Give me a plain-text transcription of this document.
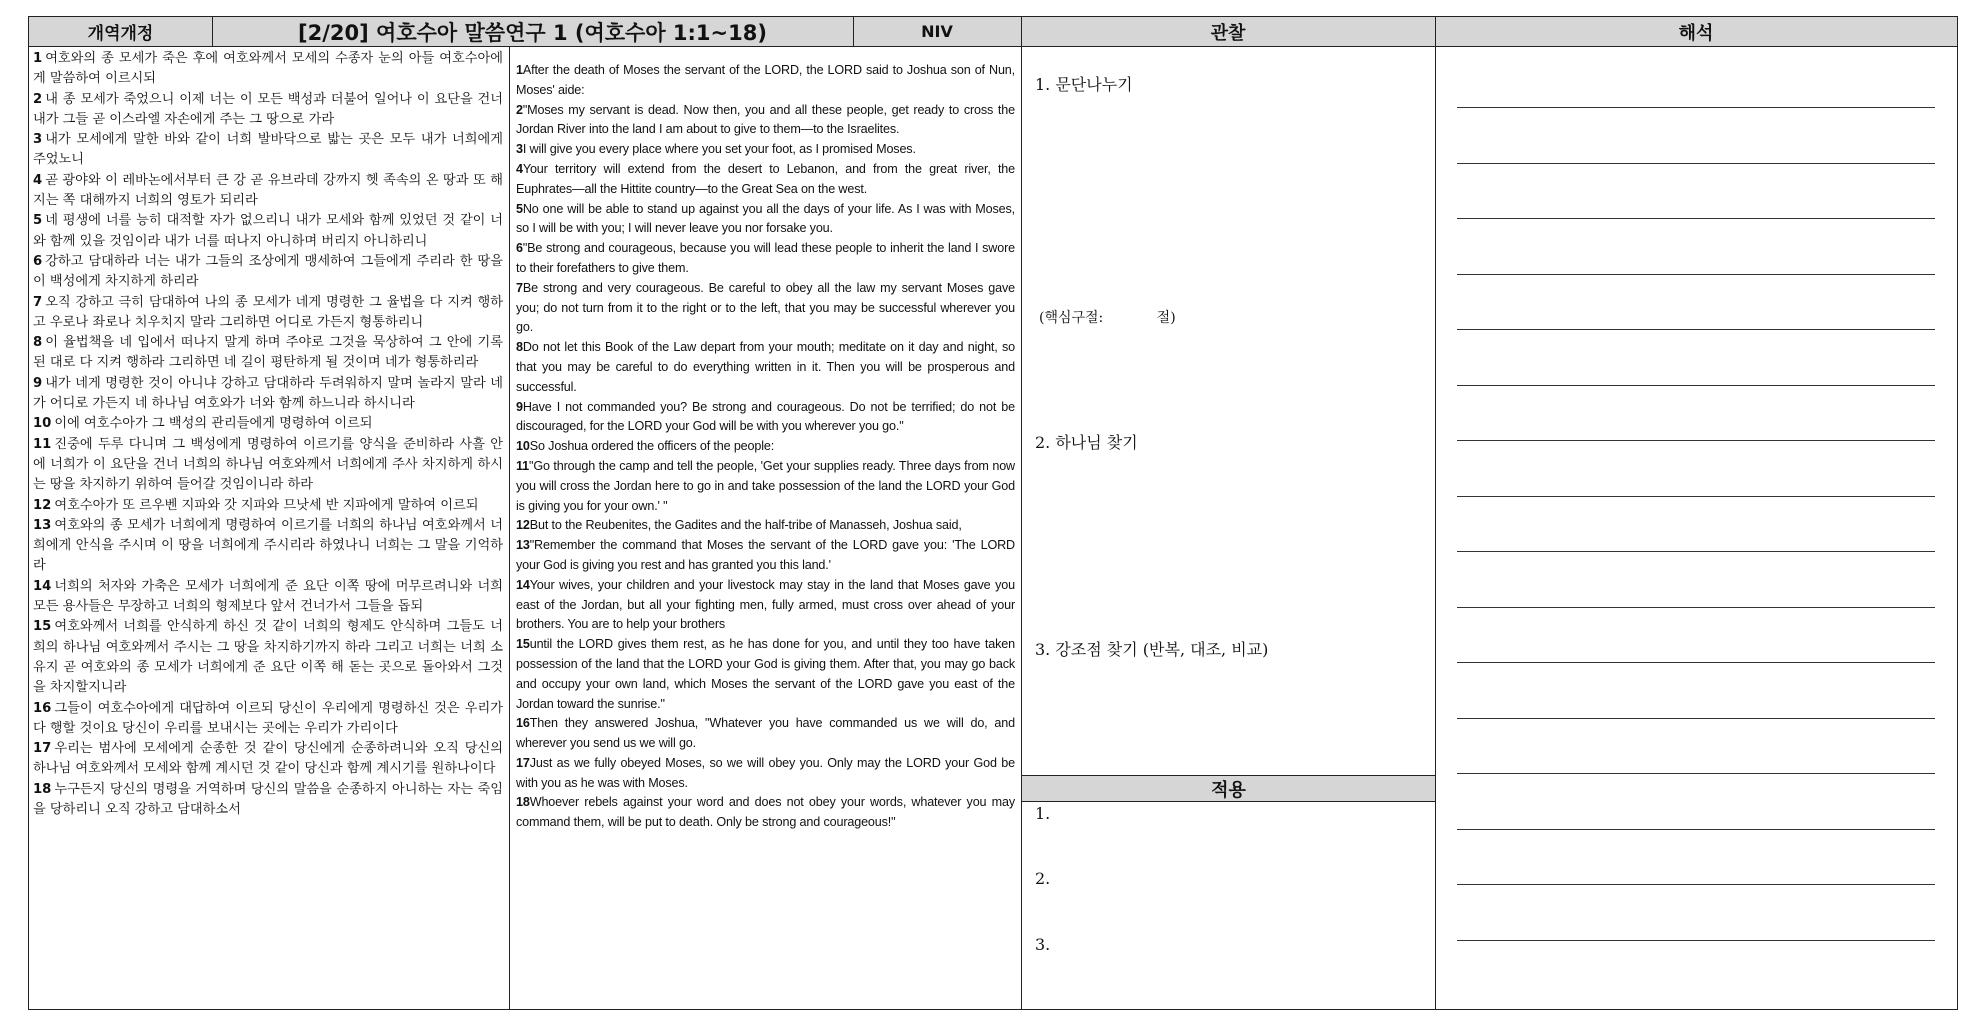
개역개정	[2/20] 여호수아 말씀연구 1 (여호수아 1:1~18)	NIV	관찰	해석
1 여호와의 종 모세가 죽은 후에 여호와께서 모세의 수종자 눈의 아들 여호수아에게 말씀하여 이르시되
2 내 종 모세가 죽었으니 이제 너는 이 모든 백성과 더불어 일어나 이 요단을 건너 내가 그들 곧 이스라엘 자손에게 주는 그 땅으로 가라
3 내가 모세에게 말한 바와 같이 너희 발바닥으로 밟는 곳은 모두 내가 너희에게 주었노니
4 곧 광야와 이 레바논에서부터 큰 강 곧 유브라데 강까지 헷 족속의 온 땅과 또 해 지는 쪽 대해까지 너희의 영토가 되리라
5 네 평생에 너를 능히 대적할 자가 없으리니 내가 모세와 함께 있었던 것 같이 너와 함께 있을 것임이라 내가 너를 떠나지 아니하며 버리지 아니하리니
6 강하고 담대하라 너는 내가 그들의 조상에게 맹세하여 그들에게 주리라 한 땅을 이 백성에게 차지하게 하리라
7 오직 강하고 극히 담대하여 나의 종 모세가 네게 명령한 그 율법을 다 지켜 행하고 우로나 좌로나 치우치지 말라 그리하면 어디로 가든지 형통하리니
8 이 율법책을 네 입에서 떠나지 말게 하며 주야로 그것을 묵상하여 그 안에 기록된 대로 다 지켜 행하라 그리하면 네 길이 평탄하게 될 것이며 네가 형통하리라
9 내가 네게 명령한 것이 아니냐 강하고 담대하라 두려워하지 말며 놀라지 말라 네가 어디로 가든지 네 하나님 여호와가 너와 함께 하느니라 하시니라
10 이에 여호수아가 그 백성의 관리들에게 명령하여 이르되
11 진중에 두루 다니며 그 백성에게 명령하여 이르기를 양식을 준비하라 사흘 안에 너희가 이 요단을 건너 너희의 하나님 여호와께서 너희에게 주사 차지하게 하시는 땅을 차지하기 위하여 들어갈 것임이니라 하라
12 여호수아가 또 르우벤 지파와 갓 지파와 므낫세 반 지파에게 말하여 이르되
13 여호와의 종 모세가 너희에게 명령하여 이르기를 너희의 하나님 여호와께서 너희에게 안식을 주시며 이 땅을 너희에게 주시리라 하였나니 너희는 그 말을 기억하라
14 너희의 처자와 가축은 모세가 너희에게 준 요단 이쪽 땅에 머무르려니와 너희 모든 용사들은 무장하고 너희의 형제보다 앞서 건너가서 그들을 돕되
15 여호와께서 너희를 안식하게 하신 것 같이 너희의 형제도 안식하며 그들도 너희의 하나님 여호와께서 주시는 그 땅을 차지하기까지 하라 그리고 너희는 너희 소유지 곧 여호와의 종 모세가 너희에게 준 요단 이쪽 해 돋는 곳으로 돌아와서 그것을 차지할지니라
16 그들이 여호수아에게 대답하여 이르되 당신이 우리에게 명령하신 것은 우리가 다 행할 것이요 당신이 우리를 보내시는 곳에는 우리가 가리이다
17 우리는 범사에 모세에게 순종한 것 같이 당신에게 순종하려니와 오직 당신의 하나님 여호와께서 모세와 함께 계시던 것 같이 당신과 함께 계시기를 원하나이다
18 누구든지 당신의 명령을 거역하며 당신의 말씀을 순종하지 아니하는 자는 죽임을 당하리니 오직 강하고 담대하소서
1After the death of Moses the servant of the LORD, the LORD said to Joshua son of Nun, Moses' aide:
2"Moses my servant is dead. Now then, you and all these people, get ready to cross the Jordan River into the land I am about to give to them—to the Israelites.
3I will give you every place where you set your foot, as I promised Moses.
4Your territory will extend from the desert to Lebanon, and from the great river, the Euphrates—all the Hittite country—to the Great Sea on the west.
5No one will be able to stand up against you all the days of your life. As I was with Moses, so I will be with you; I will never leave you nor forsake you.
6"Be strong and courageous, because you will lead these people to inherit the land I swore to their forefathers to give them.
7Be strong and very courageous. Be careful to obey all the law my servant Moses gave you; do not turn from it to the right or to the left, that you may be successful wherever you go.
8Do not let this Book of the Law depart from your mouth; meditate on it day and night, so that you may be careful to do everything written in it. Then you will be prosperous and successful.
9Have I not commanded you? Be strong and courageous. Do not be terrified; do not be discouraged, for the LORD your God will be with you wherever you go."
10So Joshua ordered the officers of the people:
11"Go through the camp and tell the people, 'Get your supplies ready. Three days from now you will cross the Jordan here to go in and take possession of the land the LORD your God is giving you for your own.' "
12But to the Reubenites, the Gadites and the half-tribe of Manasseh, Joshua said,
13"Remember the command that Moses the servant of the LORD gave you: 'The LORD your God is giving you rest and has granted you this land.'
14Your wives, your children and your livestock may stay in the land that Moses gave you east of the Jordan, but all your fighting men, fully armed, must cross over ahead of your brothers. You are to help your brothers
15until the LORD gives them rest, as he has done for you, and until they too have taken possession of the land that the LORD your God is giving them. After that, you may go back and occupy your own land, which Moses the servant of the LORD gave you east of the Jordan toward the sunrise."
16Then they answered Joshua, "Whatever you have commanded us we will do, and wherever you send us we will go.
17Just as we fully obeyed Moses, so we will obey you. Only may the LORD your God be with you as he was with Moses.
18Whoever rebels against your word and does not obey your words, whatever you may command them, will be put to death. Only be strong and courageous!"
1. 문단나누기
(핵심구절:            절)
2. 하나님 찾기
3. 강조점 찾기 (반복, 대조, 비교)
적용
1.
2.
3.
